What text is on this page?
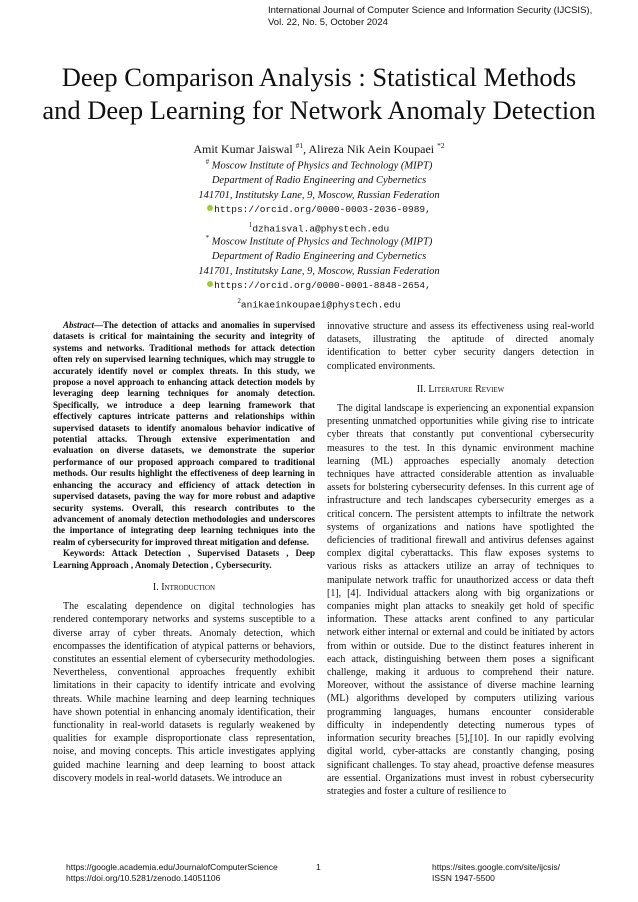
International Journal of Computer Science and Information Security (IJCSIS),
Vol. 22, No. 5, October 2024
Deep Comparison Analysis : Statistical Methods
and Deep Learning for Network Anomaly Detection
Amit Kumar Jaiswal $^{\#1}$, Alireza Nik Aein Koupaei $^{*2}$
# Moscow Institute of Physics and Technology (MIPT)
Department of Radio Engineering and Cybernetics
141701, Institutsky Lane, 9, Moscow, Russian Federation
https://orcid.org/0000-0003-2036-0989,
$^1$dzhaisval.a@phystech.edu
* Moscow Institute of Physics and Technology (MIPT)
Department of Radio Engineering and Cybernetics
141701, Institutsky Lane, 9, Moscow, Russian Federation
https://orcid.org/0000-0001-8848-2654,
$^2$anikaeinkoupaei@phystech.edu

Abstract—The detection of attacks and anomalies in supervised datasets is critical for maintaining the security and integrity of systems and networks. Traditional methods for attack detection often rely on supervised learning techniques, which may struggle to accurately identify novel or complex threats. In this study, we propose a novel approach to enhancing attack detection models by leveraging deep learning techniques for anomaly detection. Specifically, we introduce a deep learning framework that effectively captures intricate patterns and relationships within supervised datasets to identify anomalous behavior indicative of potential attacks. Through extensive experimentation and evaluation on diverse datasets, we demonstrate the superior performance of our proposed approach compared to traditional methods. Our results highlight the effectiveness of deep learning in enhancing the accuracy and efficiency of attack detection in supervised datasets, paving the way for more robust and adaptive security systems. Overall, this research contributes to the advancement of anomaly detection methodologies and underscores the importance of integrating deep learning techniques into the realm of cybersecurity for improved threat mitigation and defense.

Keywords: Attack Detection , Supervised Datasets , Deep Learning Approach , Anomaly Detection , Cybersecurity.

I. Introduction

The escalating dependence on digital technologies has rendered contemporary networks and systems susceptible to a diverse array of cyber threats. Anomaly detection, which encompasses the identification of atypical patterns or behaviors, constitutes an essential element of cybersecurity methodologies. Nevertheless, conventional approaches frequently exhibit limitations in their capacity to identify intricate and evolving threats. While machine learning and deep learning techniques have shown potential in enhancing anomaly identification, their functionality in real-world datasets is regularly weakened by qualities for example disproportionate class representation, noise, and moving concepts. This article investigates applying guided machine learning and deep learning to boost attack discovery models in real-world datasets. We introduce an

innovative structure and assess its effectiveness using real-world datasets, illustrating the aptitude of directed anomaly identification to better cyber security dangers detection in complicated environments.

II. Literature Review

The digital landscape is experiencing an exponential expansion presenting unmatched opportunities while giving rise to intricate cyber threats that constantly put conventional cybersecurity measures to the test. In this dynamic environment machine learning (ML) approaches especially anomaly detection techniques have attracted considerable attention as invaluable assets for bolstering cybersecurity defenses. In this current age of infrastructure and tech landscapes cybersecurity emerges as a critical concern. The persistent attempts to infiltrate the network systems of organizations and nations have spotlighted the deficiencies of traditional firewall and antivirus defenses against complex digital cyberattacks. This flaw exposes systems to various risks as attackers utilize an array of techniques to manipulate network traffic for unauthorized access or data theft [1], [4]. Individual attackers along with big organizations or companies might plan attacks to sneakily get hold of specific information. These attacks arent confined to any particular network either internal or external and could be initiated by actors from within or outside. Due to the distinct features inherent in each attack, distinguishing between them poses a significant challenge, making it arduous to comprehend their nature. Moreover, without the assistance of diverse machine learning (ML) algorithms developed by computers utilizing various programming languages, humans encounter considerable difficulty in independently detecting numerous types of information security breaches [5],[10]. In our rapidly evolving digital world, cyber-attacks are constantly changing, posing significant challenges. To stay ahead, proactive defense measures are essential. Organizations must invest in robust cybersecurity strategies and foster a culture of resilience to

https://google.academia.edu/JournalofComputerScience
https://doi.org/10.5281/zenodo.14051106
1	https://sites.google.com/site/ijcsis/
ISSN 1947-5500
